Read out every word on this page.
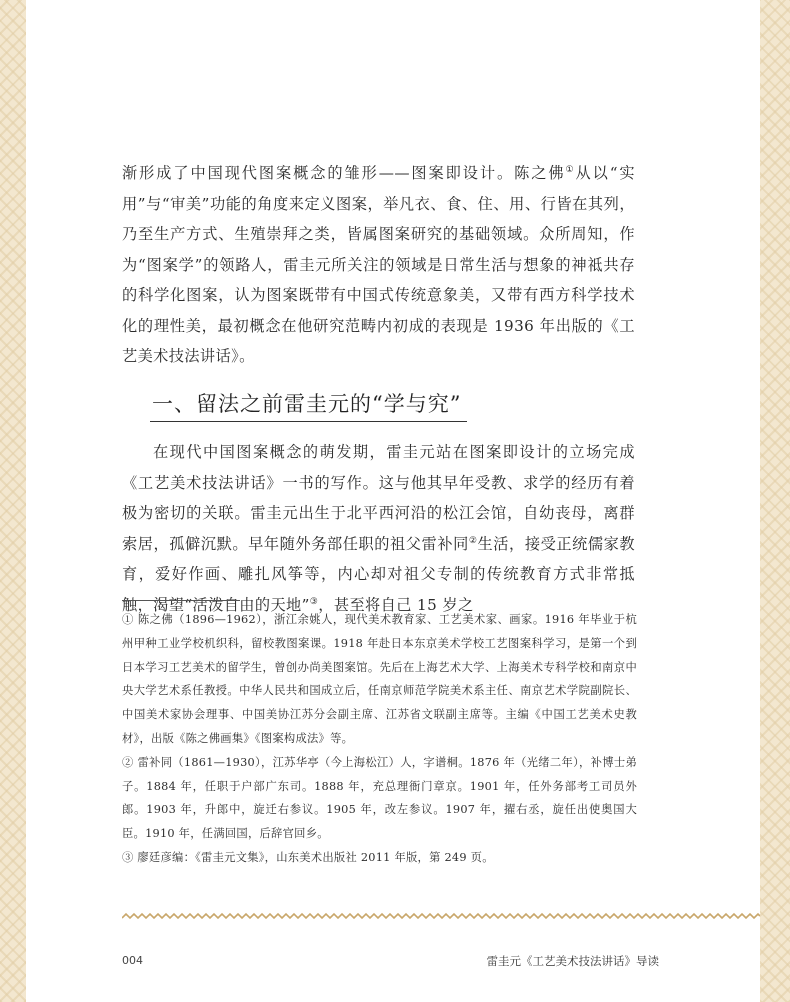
渐形成了中国现代图案概念的雏形——图案即设计。陈之佛①从以“实用”与“审美”功能的角度来定义图案，举凡衣、食、住、用、行皆在其列，乃至生产方式、生殖崇拜之类，皆属图案研究的基础领域。众所周知，作为“图案学”的领路人，雷圭元所关注的领域是日常生活与想象的神祗共存的科学化图案，认为图案既带有中国式传统意象美，又带有西方科学技术化的理性美，最初概念在他研究范畴内初成的表现是 1936 年出版的《工艺美术技法讲话》。
一、留法之前雷圭元的“学与究”
在现代中国图案概念的萌发期，雷圭元站在图案即设计的立场完成《工艺美术技法讲话》一书的写作。这与他其早年受教、求学的经历有着极为密切的关联。雷圭元出生于北平西河沿的松江会馆，自幼丧母，离群索居，孤僻沉默。早年随外务部任职的祖父雷补同②生活，接受正统儒家教育，爱好作画、雕扎风筝等，内心却对祖父专制的传统教育方式非常抵触，渴望“活泼自由的天地”③，甚至将自己 15 岁之

① 陈之佛（1896—1962），浙江余姚人，现代美术教育家、工艺美术家、画家。1916 年毕业于杭州甲种工业学校机织科，留校教图案课。1918 年赴日本东京美术学校工艺图案科学习，是第一个到日本学习工艺美术的留学生，曾创办尚美图案馆。先后在上海艺术大学、上海美术专科学校和南京中央大学艺术系任教授。中华人民共和国成立后，任南京师范学院美术系主任、南京艺术学院副院长、中国美术家协会理事、中国美协江苏分会副主席、江苏省文联副主席等。主编《中国工艺美术史教材》，出版《陈之佛画集》《图案构成法》等。

② 雷补同（1861—1930），江苏华亭（今上海松江）人，字谱桐。1876 年（光绪二年），补博士弟子。1884 年，任职于户部广东司。1888 年，充总理衙门章京。1901 年，任外务部考工司员外郎。1903 年，升郎中，旋迁右参议。1905 年，改左参议。1907 年，擢右丞，旋任出使奥国大臣。1910 年，任满回国，后辞官回乡。

③ 廖廷彦编：《雷圭元文集》，山东美术出版社 2011 年版，第 249 页。

004	雷圭元《工艺美术技法讲话》导读
